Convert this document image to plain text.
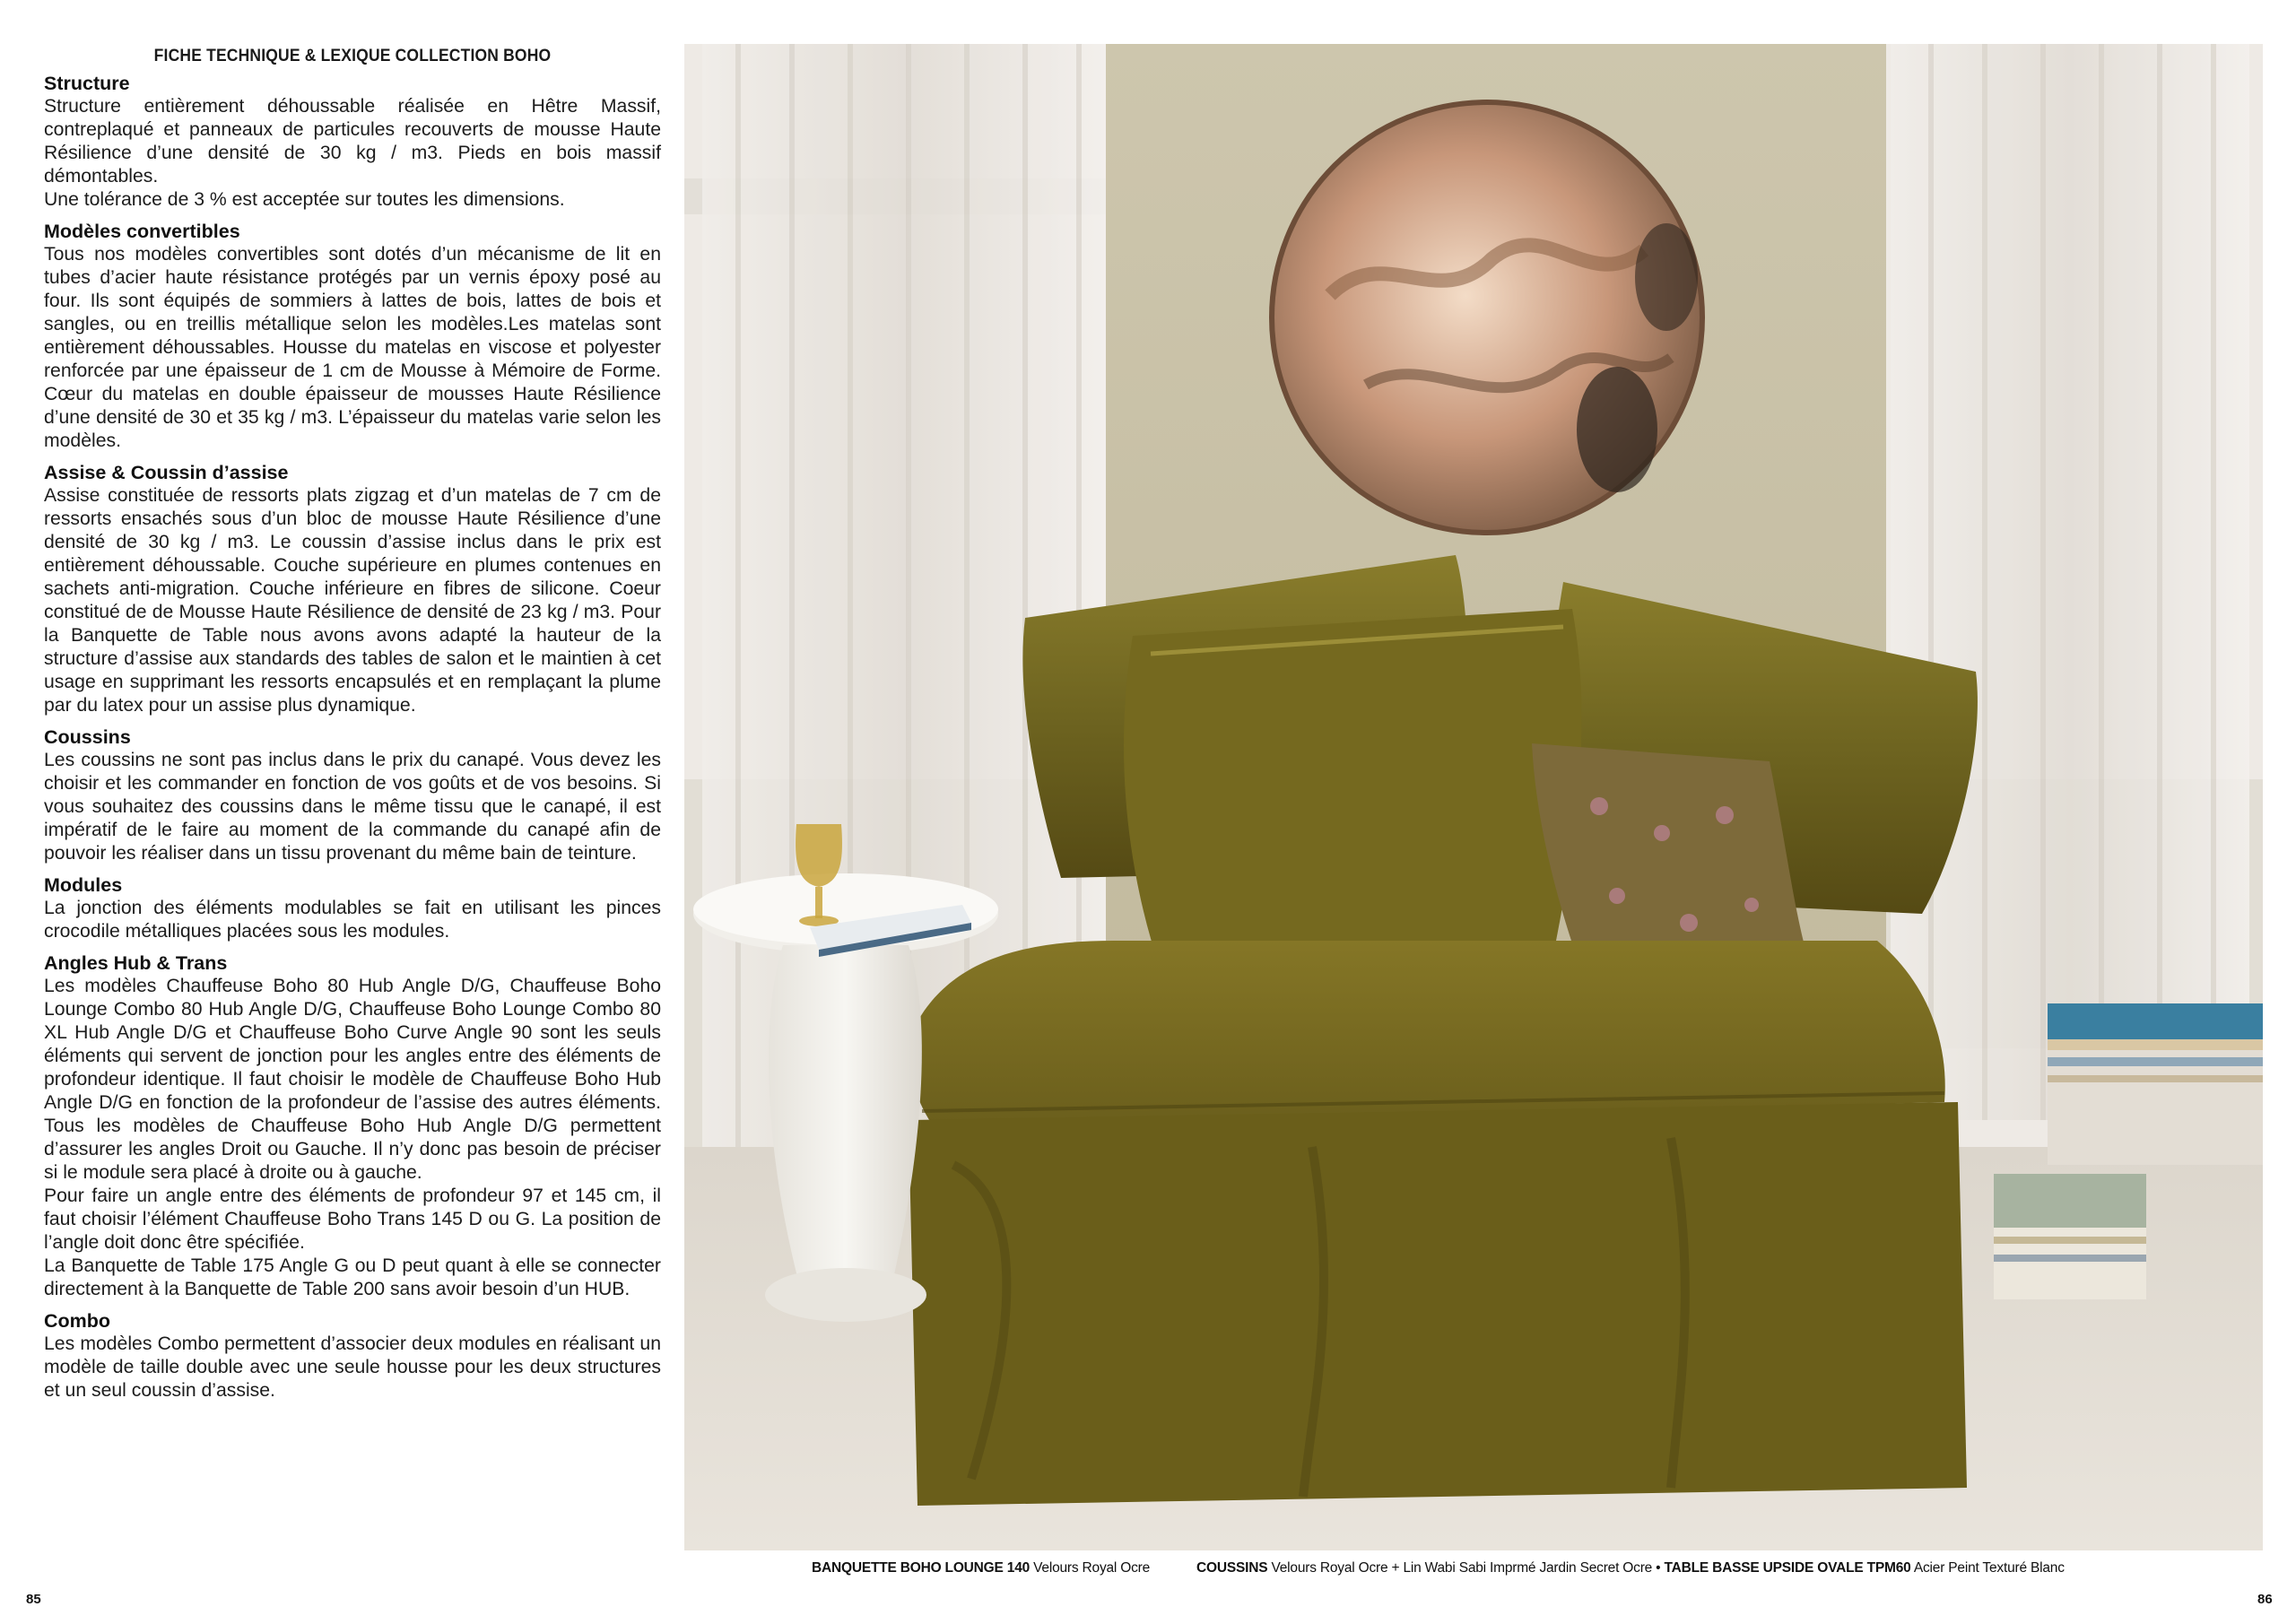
FICHE TECHNIQUE & LEXIQUE COLLECTION BOHO
Structure

Structure entièrement déhoussable réalisée en Hêtre Massif, contreplaqué et panneaux de particules recouverts de mousse Haute Résilience d’une densité de 30 kg / m3. Pieds en bois massif démontables.

Une tolérance de 3 % est acceptée sur toutes les dimensions.

Modèles convertibles

Tous nos modèles convertibles sont dotés d’un mécanisme de lit en tubes d’acier haute résistance protégés par un vernis époxy posé au four. Ils sont équipés de sommiers à lattes de bois, lattes de bois et sangles, ou en treillis métallique selon les modèles.Les matelas sont entièrement déhoussables. Housse du matelas en viscose et polyester renforcée par une épaisseur de 1 cm de Mousse à Mémoire de Forme. Cœur du matelas en double épaisseur de mousses Haute Résilience d’une densité de 30 et 35 kg / m3. L’épaisseur du matelas varie selon les modèles.

Assise & Coussin d’assise

Assise constituée de ressorts plats zigzag et d’un matelas de 7 cm de ressorts ensachés sous d’un bloc de mousse Haute Résilience d’une densité de 30 kg / m3. Le coussin d’assise inclus dans le prix est entièrement déhoussable. Couche supérieure en plumes contenues en sachets anti-migration. Couche inférieure en fibres de silicone. Coeur constitué de de Mousse Haute Résilience de densité de 23 kg / m3. Pour la Banquette de Table nous avons avons adapté la hauteur de la structure d’assise aux standards des tables de salon et le maintien à cet usage en supprimant les ressorts encapsulés et en remplaçant la plume par du latex pour un assise plus dynamique.

Coussins

Les coussins ne sont pas inclus dans le prix du canapé. Vous devez les choisir et les commander en fonction de vos goûts et de vos besoins. Si vous souhaitez des coussins dans le même tissu que le canapé, il est impératif de le faire au moment de la commande du canapé afin de pouvoir les réaliser dans un tissu provenant du même bain de teinture.

Modules

La jonction des éléments modulables se fait en utilisant les pinces crocodile métalliques placées sous les modules.

Angles Hub & Trans

Les modèles Chauffeuse Boho 80 Hub Angle D/G, Chauffeuse Boho Lounge Combo 80 Hub Angle D/G, Chauffeuse Boho Lounge Combo 80 XL Hub Angle D/G et Chauffeuse Boho Curve Angle 90 sont les seuls éléments qui servent de jonction pour les angles entre des éléments de profondeur identique. Il faut choisir le modèle de Chauffeuse Boho Hub Angle D/G en fonction de la profondeur de l’assise des autres éléments. Tous les modèles de Chauffeuse Boho Hub Angle D/G permettent d’assurer les angles Droit ou Gauche. Il n’y donc pas besoin de préciser si le module sera placé à droite ou à gauche.

Pour faire un angle entre des éléments de profondeur 97 et 145 cm, il faut choisir l’élément Chauffeuse Boho Trans 145 D ou G. La position de l’angle doit donc être spécifiée.

La Banquette de Table 175 Angle G ou D peut quant à elle se connecter directement à la Banquette de Table 200 sans avoir besoin d’un HUB.

Combo

Les modèles Combo permettent d’associer deux modules en réalisant un modèle de taille double avec une seule housse pour les deux structures et un seul coussin d’assise.

BANQUETTE BOHO LOUNGE 140 Velours Royal Ocre	COUSSINS Velours Royal Ocre + Lin Wabi Sabi Imprmé Jardin Secret Ocre • TABLE BASSE UPSIDE OVALE TPM60 Acier Peint Texturé Blanc
85	86
